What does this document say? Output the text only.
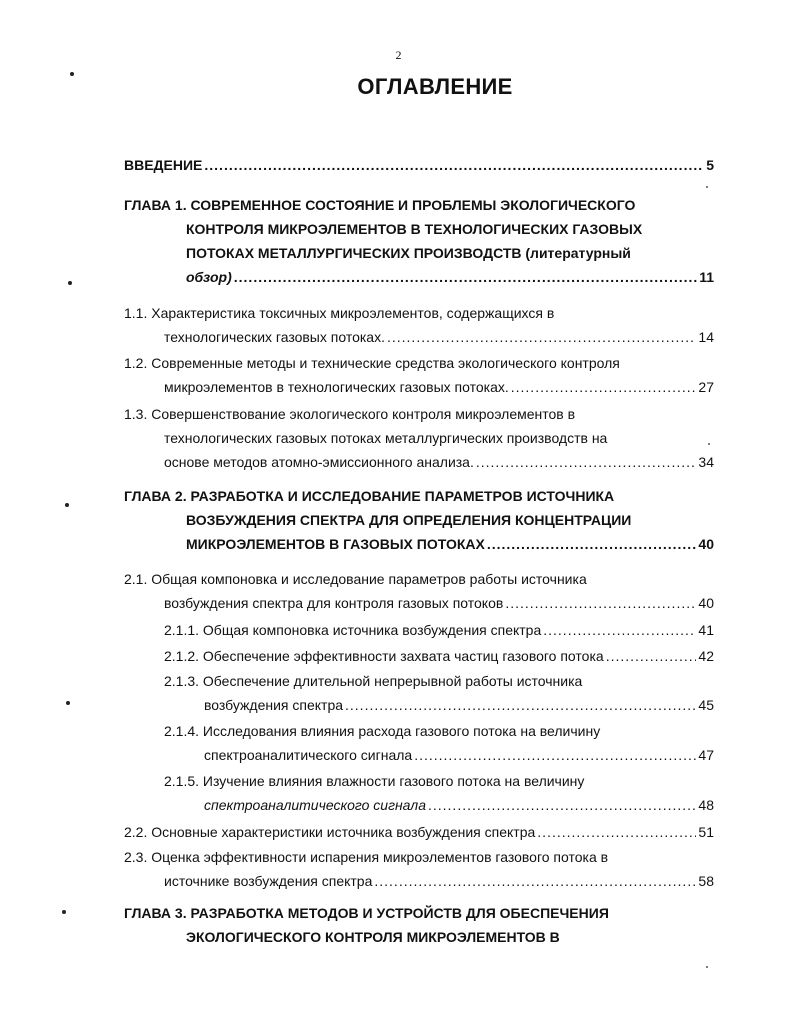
2
ОГЛАВЛЕНИЕ
ВВЕДЕНИЕ .....	5
ГЛАВА 1. СОВРЕМЕННОЕ СОСТОЯНИЕ И ПРОБЛЕМЫ ЭКОЛОГИЧЕСКОГО
КОНТРОЛЯ МИКРОЭЛЕМЕНТОВ В ТЕХНОЛОГИЧЕСКИХ ГАЗОВЫХ
ПОТОКАХ МЕТАЛЛУРГИЧЕСКИХ ПРОИЗВОДСТВ (литературный
обзор) .....	11
1.1. Характеристика токсичных микроэлементов, содержащихся в
технологических газовых потоках. .....	14
1.2. Современные методы и технические средства экологического контроля
микроэлементов в технологических газовых потоках. .....	27
1.3. Совершенствование экологического контроля микроэлементов в
технологических газовых потоках металлургических производств на
основе методов атомно-эмиссионного анализа. .....	34
ГЛАВА 2. РАЗРАБОТКА И ИССЛЕДОВАНИЕ ПАРАМЕТРОВ ИСТОЧНИКА
ВОЗБУЖДЕНИЯ СПЕКТРА ДЛЯ ОПРЕДЕЛЕНИЯ КОНЦЕНТРАЦИИ
МИКРОЭЛЕМЕНТОВ В ГАЗОВЫХ ПОТОКАХ .....	40
2.1. Общая компоновка и исследование параметров работы источника
возбуждения спектра для контроля газовых потоков .....	40
2.1.1. Общая компоновка источника возбуждения спектра .....	41
2.1.2. Обеспечение эффективности захвата частиц газового потока .....	42
2.1.3. Обеспечение длительной непрерывной работы источника
возбуждения спектра .....	45
2.1.4. Исследования влияния расхода газового потока на величину
спектроаналитического сигнала .....	47
2.1.5. Изучение влияния влажности газового потока на величину
спектроаналитического сигнала .....	48
2.2. Основные характеристики источника возбуждения спектра .....	51
2.3. Оценка эффективности испарения микроэлементов газового потока в
источнике возбуждения спектра .....	58
ГЛАВА 3. РАЗРАБОТКА МЕТОДОВ И УСТРОЙСТВ ДЛЯ ОБЕСПЕЧЕНИЯ
ЭКОЛОГИЧЕСКОГО КОНТРОЛЯ МИКРОЭЛЕМЕНТОВ В
